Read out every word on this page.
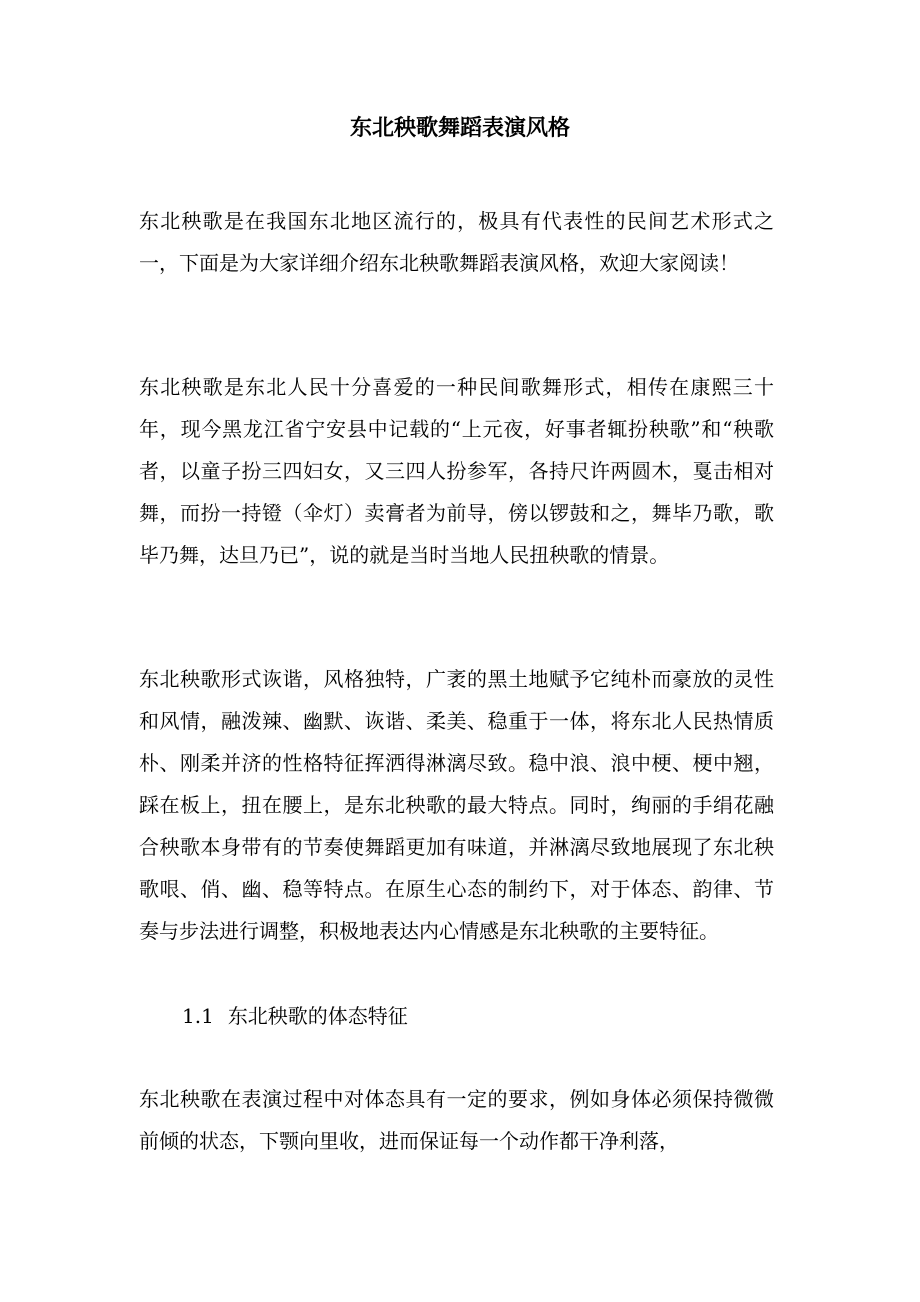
东北秧歌舞蹈表演风格

东北秧歌是在我国东北地区流行的，极具有代表性的民间艺术形式之一，下面是为大家详细介绍东北秧歌舞蹈表演风格，欢迎大家阅读！

东北秧歌是东北人民十分喜爱的一种民间歌舞形式，相传在康熙三十年，现今黑龙江省宁安县中记载的“上元夜，好事者辄扮秧歌”和“秧歌者，以童子扮三四妇女，又三四人扮参军，各持尺许两圆木，戛击相对舞，而扮一持镫（伞灯）卖膏者为前导，傍以锣鼓和之，舞毕乃歌，歌毕乃舞，达旦乃已”，说的就是当时当地人民扭秧歌的情景。

东北秧歌形式诙谐，风格独特，广袤的黑土地赋予它纯朴而豪放的灵性和风情，融泼辣、幽默、诙谐、柔美、稳重于一体，将东北人民热情质朴、刚柔并济的性格特征挥洒得淋漓尽致。稳中浪、浪中梗、梗中翘，踩在板上，扭在腰上，是东北秧歌的最大特点。同时，绚丽的手绢花融合秧歌本身带有的节奏使舞蹈更加有味道，并淋漓尽致地展现了东北秧歌哏、俏、幽、稳等特点。在原生心态的制约下，对于体态、韵律、节奏与步法进行调整，积极地表达内心情感是东北秧歌的主要特征。

1.1 东北秧歌的体态特征

东北秧歌在表演过程中对体态具有一定的要求，例如身体必须保持微微前倾的状态，下颚向里收，进而保证每一个动作都干净利落，
